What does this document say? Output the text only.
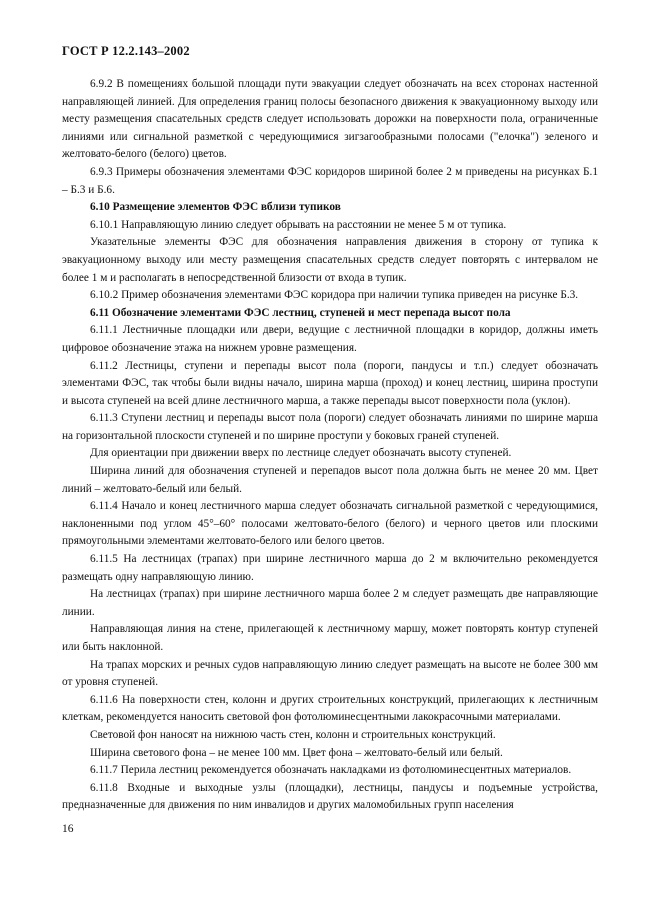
ГОСТ Р 12.2.143–2002

6.9.2 В помещениях большой площади пути эвакуации следует обозначать на всех сторонах настенной направляющей линией. Для определения границ полосы безопасного движения к эвакуационному выходу или месту размещения спасательных средств следует использовать дорожки на поверхности пола, ограниченные линиями или сигнальной разметкой с чередующимися зигзагообразными полосами ("елочка") зеленого и желтовато-белого (белого) цветов.

6.9.3 Примеры обозначения элементами ФЭС коридоров шириной более 2 м приведены на рисунках Б.1 – Б.3 и Б.6.

6.10 Размещение элементов ФЭС вблизи тупиков

6.10.1 Направляющую линию следует обрывать на расстоянии не менее 5 м от тупика.

Указательные элементы ФЭС для обозначения направления движения в сторону от тупика к эвакуационному выходу или месту размещения спасательных средств следует повторять с интервалом не более 1 м и располагать в непосредственной близости от входа в тупик.

6.10.2 Пример обозначения элементами ФЭС коридора при наличии тупика приведен на рисунке Б.3.

6.11 Обозначение элементами ФЭС лестниц, ступеней и мест перепада высот пола

6.11.1 Лестничные площадки или двери, ведущие с лестничной площадки в коридор, должны иметь цифровое обозначение этажа на нижнем уровне размещения.

6.11.2 Лестницы, ступени и перепады высот пола (пороги, пандусы и т.п.) следует обозначать элементами ФЭС, так чтобы были видны начало, ширина марша (проход) и конец лестниц, ширина проступи и высота ступеней на всей длине лестничного марша, а также перепады высот поверхности пола (уклон).

6.11.3 Ступени лестниц и перепады высот пола (пороги) следует обозначать линиями по ширине марша на горизонтальной плоскости ступеней и по ширине проступи у боковых граней ступеней.

Для ориентации при движении вверх по лестнице следует обозначать высоту ступеней.

Ширина линий для обозначения ступеней и перепадов высот пола должна быть не менее 20 мм. Цвет линий – желтовато-белый или белый.

6.11.4 Начало и конец лестничного марша следует обозначать сигнальной разметкой с чередующимися, наклоненными под углом 45°–60° полосами желтовато-белого (белого) и черного цветов или плоскими прямоугольными элементами желтовато-белого или белого цветов.

6.11.5 На лестницах (трапах) при ширине лестничного марша до 2 м включительно рекомендуется размещать одну направляющую линию.

На лестницах (трапах) при ширине лестничного марша более 2 м следует размещать две направляющие линии.

Направляющая линия на стене, прилегающей к лестничному маршу, может повторять контур ступеней или быть наклонной.

На трапах морских и речных судов направляющую линию следует размещать на высоте не более 300 мм от уровня ступеней.

6.11.6 На поверхности стен, колонн и других строительных конструкций, прилегающих к лестничным клеткам, рекомендуется наносить световой фон фотолюминесцентными лакокрасочными материалами.

Световой фон наносят на нижнюю часть стен, колонн и строительных конструкций.

Ширина светового фона – не менее 100 мм. Цвет фона – желтовато-белый или белый.

6.11.7 Перила лестниц рекомендуется обозначать накладками из фотолюминесцентных материалов.

6.11.8 Входные и выходные узлы (площадки), лестницы, пандусы и подъемные устройства, предназначенные для движения по ним инвалидов и других маломобильных групп населения

16
